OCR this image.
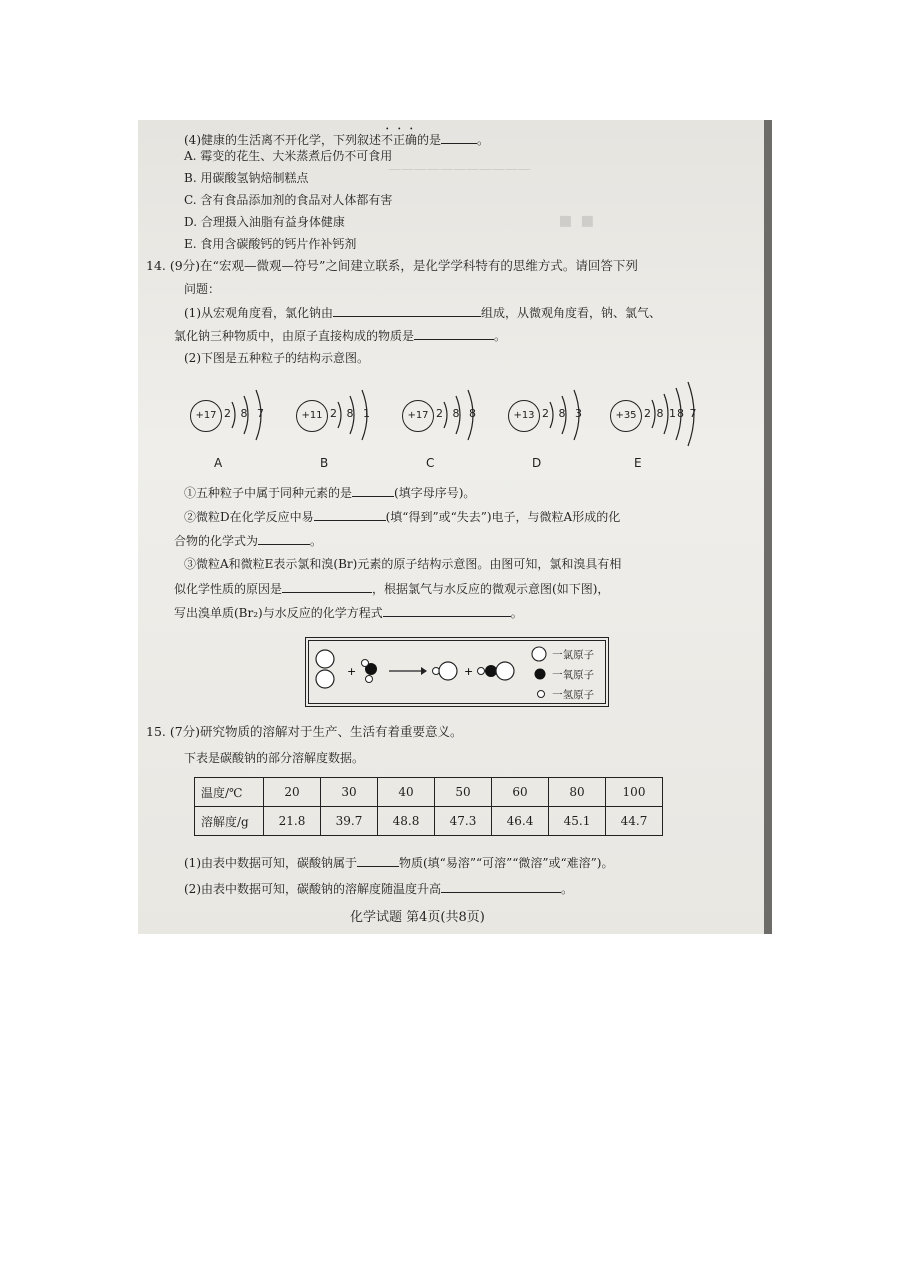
———————————
▪ ▪
(4)健康的生活离不开化学，下列叙述不正确的是	。
A. 霉变的花生、大米蒸煮后仍不可食用
B. 用碳酸氢钠焙制糕点
C. 含有食品添加剂的食品对人体都有害
D. 合理摄入油脂有益身体健康
E. 食用含碳酸钙的钙片作补钙剂
14. (9分)在“宏观—微观—符号”之间建立联系，是化学学科特有的思维方式。请回答下列
问题：
(1)从宏观角度看，氯化钠由	组成，从微观角度看，钠、氯气、
氯化钠三种物质中，由原子直接构成的物质是	。
(2)下图是五种粒子的结构示意图。
+17 2 8 7
A
+11 2 8 1
B
+17 2 8 8
C
+13 2 8 3
D
+35 2 8 18 7
E
①五种粒子中属于同种元素的是	(填字母序号)。
②微粒D在化学反应中易	(填“得到”或“失去”)电子，与微粒A形成的化
合物的化学式为	。
③微粒A和微粒E表示氯和溴(Br)元素的原子结构示意图。由图可知，氯和溴具有相
似化学性质的原因是	，根据氯气与水反应的微观示意图(如下图)，
写出溴单质(Br₂)与水反应的化学方程式	。
+	+
一氯原子
一氧原子
一氢原子
15. (7分)研究物质的溶解对于生产、生活有着重要意义。
下表是碳酸钠的部分溶解度数据。
温度/℃	20	30	40	50	60	80	100
溶解度/g	21.8	39.7	48.8	47.3	46.4	45.1	44.7
(1)由表中数据可知，碳酸钠属于	物质(填“易溶”“可溶”“微溶”或“难溶”)。
(2)由表中数据可知，碳酸钠的溶解度随温度升高	。
化学试题 第4页(共8页)
